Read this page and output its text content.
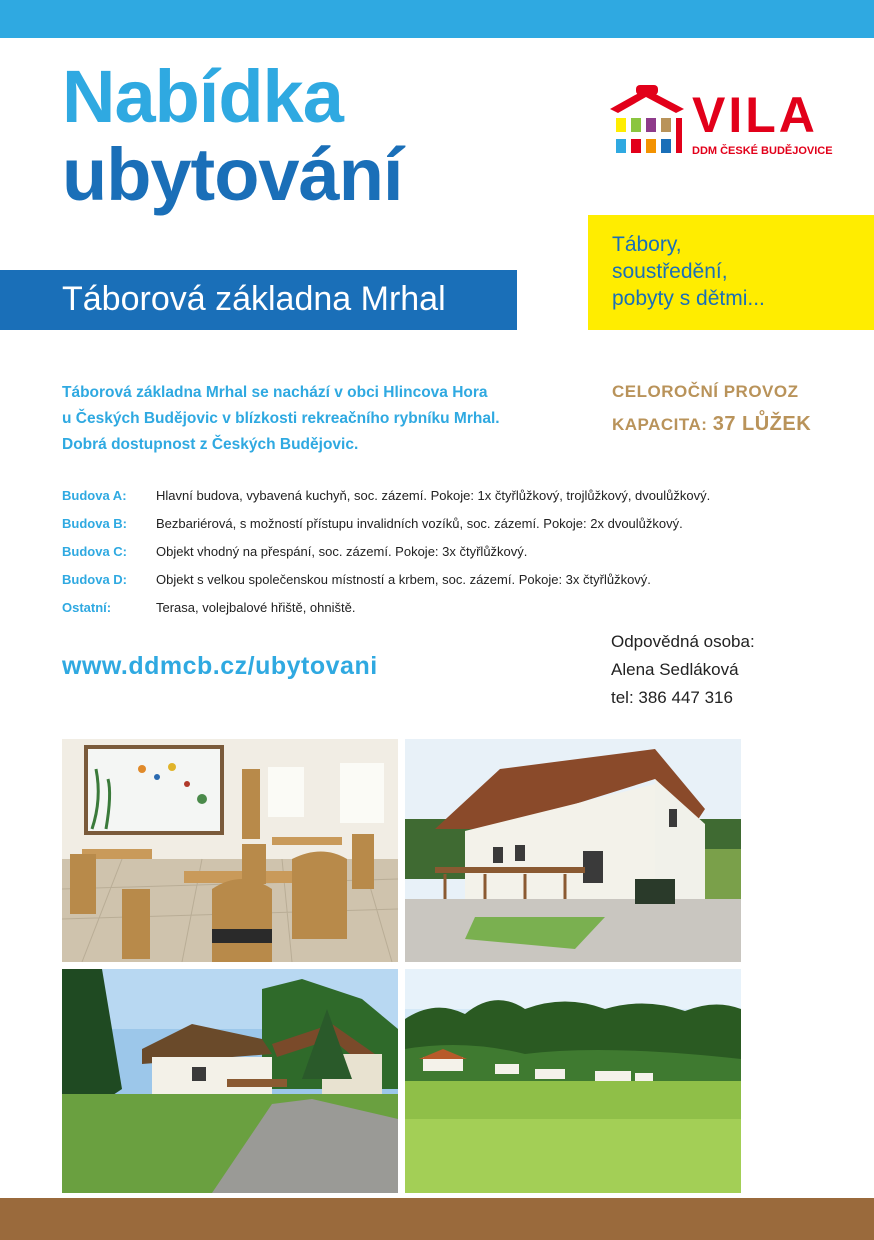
Nabídka
ubytování
VILA
DDM ČESKÉ BUDĚJOVICE
Tábory,
soustředění,
pobyty s dětmi...
Táborová základna Mrhal
Táborová základna Mrhal se nachází v obci Hlincova Hora
u Českých Budějovic v blízkosti rekreačního rybníku Mrhal.
Dobrá dostupnost z Českých Budějovic.
CELOROČNÍ PROVOZ
KAPACITA: 37 LŮŽEK
Budova A: Hlavní budova, vybavená kuchyň, soc. zázemí. Pokoje: 1x čtyřlůžkový, trojlůžkový, dvoulůžkový.
Budova B: Bezbariérová, s možností přístupu invalidních vozíků, soc. zázemí. Pokoje: 2x dvoulůžkový.
Budova C: Objekt vhodný na přespání, soc. zázemí. Pokoje: 3x čtyřlůžkový.
Budova D: Objekt s velkou společenskou místností a krbem, soc. zázemí. Pokoje: 3x čtyřlůžkový.
Ostatní:	Terasa, volejbalové hřiště, ohniště.
www.ddmcb.cz/ubytovani
Odpovědná osoba:
Alena Sedláková
tel: 386 447 316
